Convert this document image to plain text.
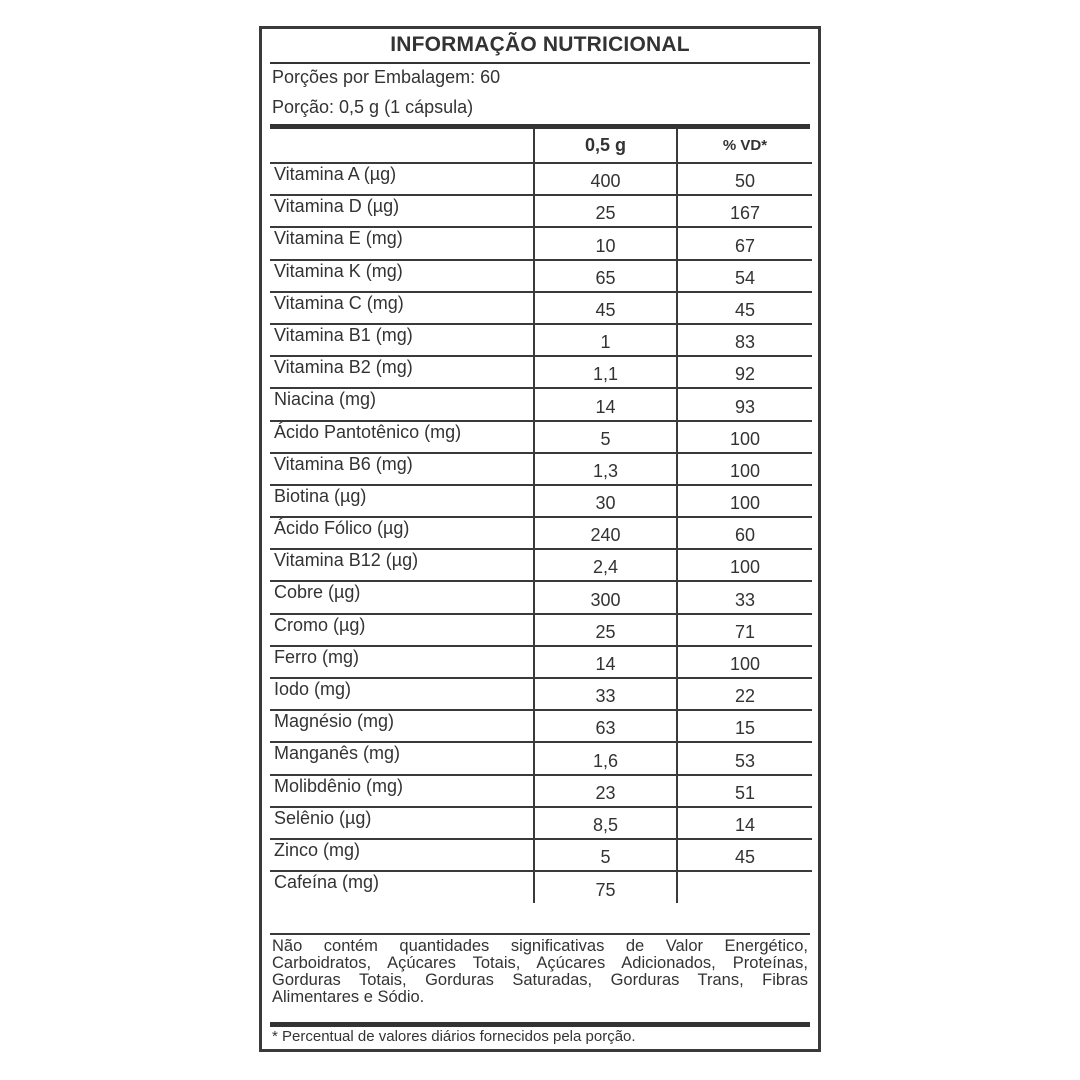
INFORMAÇÃO NUTRICIONAL
Porções por Embalagem: 60
Porção: 0,5 g (1 cápsula)
	0,5 g	% VD*
Vitamina A (µg)	400	50
Vitamina D (µg)	25	167
Vitamina E (mg)	10	67
Vitamina K (mg)	65	54
Vitamina C (mg)	45	45
Vitamina B1 (mg)	1	83
Vitamina B2 (mg)	1,1	92
Niacina (mg)	14	93
Ácido Pantotênico (mg)	5	100
Vitamina B6 (mg)	1,3	100
Biotina (µg)	30	100
Ácido Fólico (µg)	240	60
Vitamina B12 (µg)	2,4	100
Cobre (µg)	300	33
Cromo (µg)	25	71
Ferro (mg)	14	100
Iodo (mg)	33	22
Magnésio (mg)	63	15
Manganês (mg)	1,6	53
Molibdênio (mg)	23	51
Selênio (µg)	8,5	14
Zinco (mg)	5	45
Cafeína (mg)	75	
Não contém quantidades significativas de Valor Energético, Carboidratos, Açúcares Totais, Açúcares Adicionados, Proteínas, Gorduras Totais, Gorduras Saturadas, Gorduras Trans, Fibras Alimentares e Sódio.
* Percentual de valores diários fornecidos pela porção.
